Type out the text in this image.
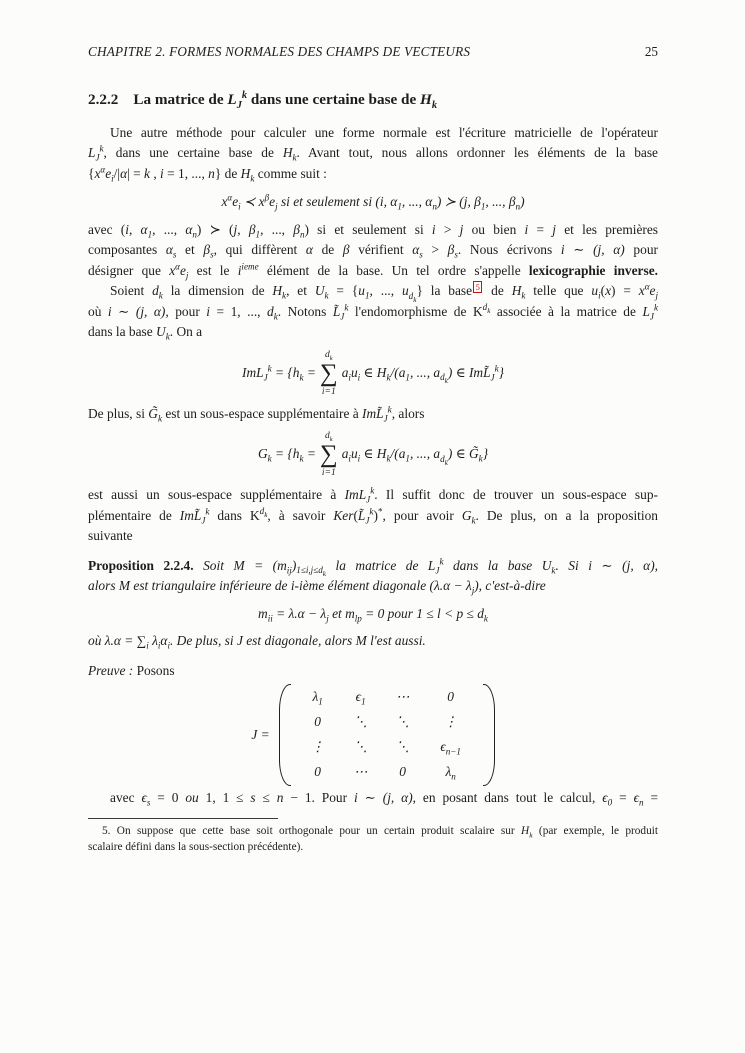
CHAPITRE 2. FORMES NORMALES DES CHAMPS DE VECTEURS	25
2.2.2 La matrice de $L_J^k$ dans une certaine base de $H_k$
Une autre méthode pour calculer une forme normale est l'écriture matricielle de l'opérateur
$L_J^k$, dans une certaine base de $H_k$. Avant tout, nous allons ordonner les éléments de la base
{$x^\alpha e_i/|\alpha| = k$ , i = 1, ..., n} de $H_k$ comme suit :
$x^\alpha e_i$ ≺ $x^\beta e_j$ si et seulement si (i, $\alpha_1$, ..., $\alpha_n$) ≻ (j, $\beta_1$, ..., $\beta_n$)
avec (i, $\alpha_1$, ..., $\alpha_n$) ≻ (j, $\beta_1$, ..., $\beta_n$) si et seulement si i > j ou bien i = j et les premières
composantes $\alpha_s$ et $\beta_s$, qui diffèrent α de β vérifient $\alpha_s > \beta_s$. Nous écrivons i ∼ (j, α) pour
désigner que $x^\alpha e_j$ est le $i^{ieme}$ élément de la base. Un tel ordre s'appelle lexicographie inverse.
Soient $d_k$ la dimension de $H_k$, et $U_k = \{u_1$, ..., $u_{d_k}$} la base $^5$ de $H_k$ telle que $u_i(x) = x^\alpha e_j$
où i ∼ (j, α), pour i = 1, ..., $d_k$. Notons $L̃_J^k$ l'endomorphisme de $K^{d_k}$ associée à la matrice de $L_J^k$
dans la base $U_k$. On a
$ImL_J^k = \{h_k$ =
$d_k$
∑
i=1
$a_iu_i$ ∈ $H_k/(a_1$, ..., $a_{d_k}$) ∈ $ImL̃_J^k$}
De plus, si $G̃_k$ est un sous-espace supplémentaire à $ImL̃_J^k$, alors
$G_k = \{h_k$ =
$d_k$
∑
i=1
$a_iu_i$ ∈ $H_k/(a_1$, ..., $a_{d_k}$) ∈ $G̃_k$}
est aussi un sous-espace supplémentaire à ImL$_J^k$. Il suffit donc de trouver un sous-espace sup-
plémentaire de $ImL̃_J^k$ dans $K^{d_k}$, à savoir $Ker(L̃_J^k)^*$, pour avoir $G_k$. De plus, on a la proposition
suivante
Proposition 2.2.4. Soit $M = (m_{ij})_{1\le i,j\le d_k}$ la matrice de $L_J^k$ dans la base $U_k$. Si i ∼ (j, α),
alors M est triangulaire inférieure de i-ième élément diagonale $(\lambda.\alpha - \lambda_j)$, c'est-à-dire
$m_{ii} = \lambda.\alpha - \lambda_j$ et $m_{lp} = 0$ pour $1 \le l < p \le d_k$
où $\lambda.\alpha = \sum_i$ $\lambda_i\alpha_i$. De plus, si J est diagonale, alors M l'est aussi.
Preuve : Posons
J =
$\lambda_1$	$\epsilon_1$	⋯	0
0	⋱	⋱	⋮
⋮	⋱	⋱	$\epsilon_{n-1}$
0	⋯	0	$\lambda_n$
avec $\epsilon_s = 0$ ou 1, 1 ≤ s ≤ n − 1. Pour i ∼ (j, α), en posant dans tout le calcul, $\epsilon_0 = \epsilon_n$ =
5. On suppose que cette base soit orthogonale pour un certain produit scalaire sur $H_k$ (par exemple, le produit
scalaire défini dans la sous-section précédente).
